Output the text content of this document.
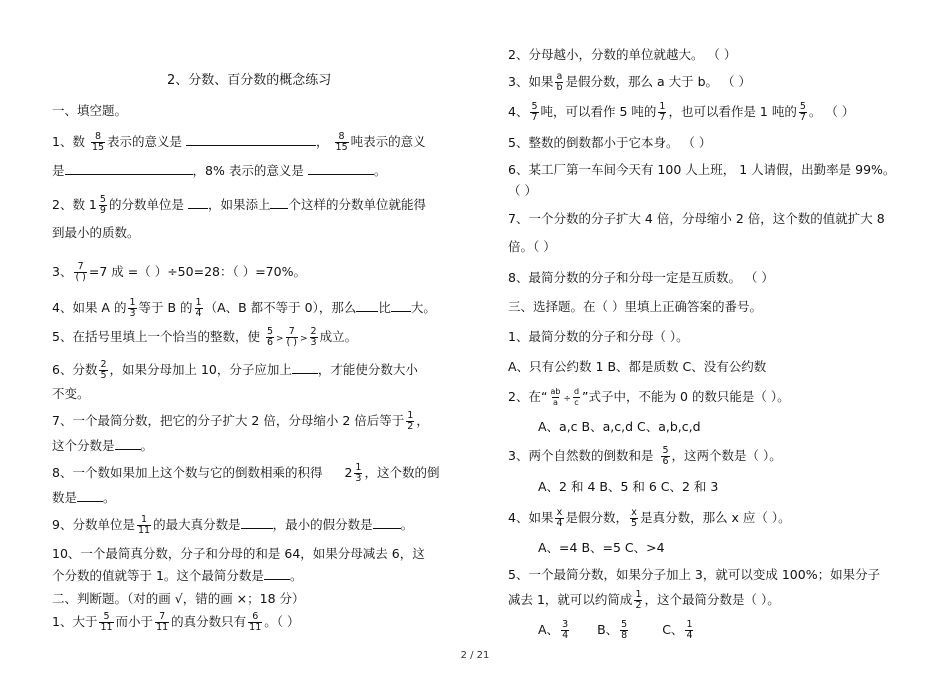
2、分数、百分数的概念练习
一、填空题。
1、数 $\frac{8}{15}$ 表示的意义是	， $\frac{8}{15}$ 吨表示的意义
是	，8% 表示的意义是	。
2、数 $1 \frac{5}{9}$ 的分数单位是 ，如果添上 个这样的分数单位就能得
到最小的质数。
3、 $\frac{7}{( )} =7$ 成 =（ ）÷50=28：（ ）=70%。
4、如果 A 的 $\frac{1}{3}$ 等于 B 的 $\frac{1}{4} (A$、B 都不等于 0），那么 比 大。
5、在括号里填上一个恰当的整数，使 $\frac{5}{6} > \frac{7}{( )} > \frac{2}{3}$ 成立。
6、分数 $\frac{2}{5}$ ，如果分母加上 10，分子应加上 ，才能使分数大小
不变。
7、一个最简分数，把它的分子扩大 2 倍，分母缩小 2 倍后等于 $\frac{1}{2}$ ，
这个分数是 。
8、一个数如果加上这个数与它的倒数相乘的积得 $2 \frac{1}{3}$ ，这个数的倒
数是 。
9、分数单位是 $\frac{1}{11}$ 的最大真分数是	，最小的假分数是 。
10、一个最简真分数，分子和分母的和是 64，如果分母减去 6，这
个分数的值就等于 1。这个最简分数是 。
二、判断题。（对的画 √，错的画 ×；18 分）
1、大于 $\frac{5}{11}$ 而小于 $\frac{7}{11}$ 的真分数只有 $\frac{6}{11}$ 。（ ）
2、分母越小，分数的单位就越大。 （ ）
3、如果 $\frac{a}{b}$ 是假分数，那么 a 大于 b。 （ ）
4、 $\frac{5}{7}$ 吨，可以看作 5 吨的 $\frac{1}{7}$ ，也可以看作是 1 吨的 $\frac{5}{7}$ 。 （ ）
5、整数的倒数都小于它本身。 （ ）
6、某工厂第一车间今天有 100 人上班， 1 人请假，出勤率是 99%。
（ ）
7、一个分数的分子扩大 4 倍，分母缩小 2 倍，这个数的值就扩大 8
倍。（ ）
8、最简分数的分子和分母一定是互质数。 （ ）
三、选择题。在（ ）里填上正确答案的番号。
1、最简分数的分子和分母（ ）。
A、只有公约数 1 B、都是质数 C、没有公约数
2、在“ $\frac{ab}{a} \div \frac{d}{c}$ ”式子中，不能为 0 的数只能是（ ）。
A、a,c B、a,c,d C、a,b,c,d
3、两个自然数的倒数和是 $\frac{5}{6}$ ，这两个数是（ ）。
A、2 和 4 B、5 和 6 C、2 和 3
4、如果 $\frac{x}{4}$ 是假分数， $\frac{x}{5}$ 是真分数，那么 x 应（ ）。
A、=4 B、=5 C、>4
5、一个最简分数，如果分子加上 3，就可以变成 100%；如果分子
减去 1，就可以约简成 $\frac{1}{2}$ ，这个最简分数是（ ）。
A、 $\frac{3}{4}$ B、 $\frac{5}{8}$	C、 $\frac{1}{4}$
2 / 21
